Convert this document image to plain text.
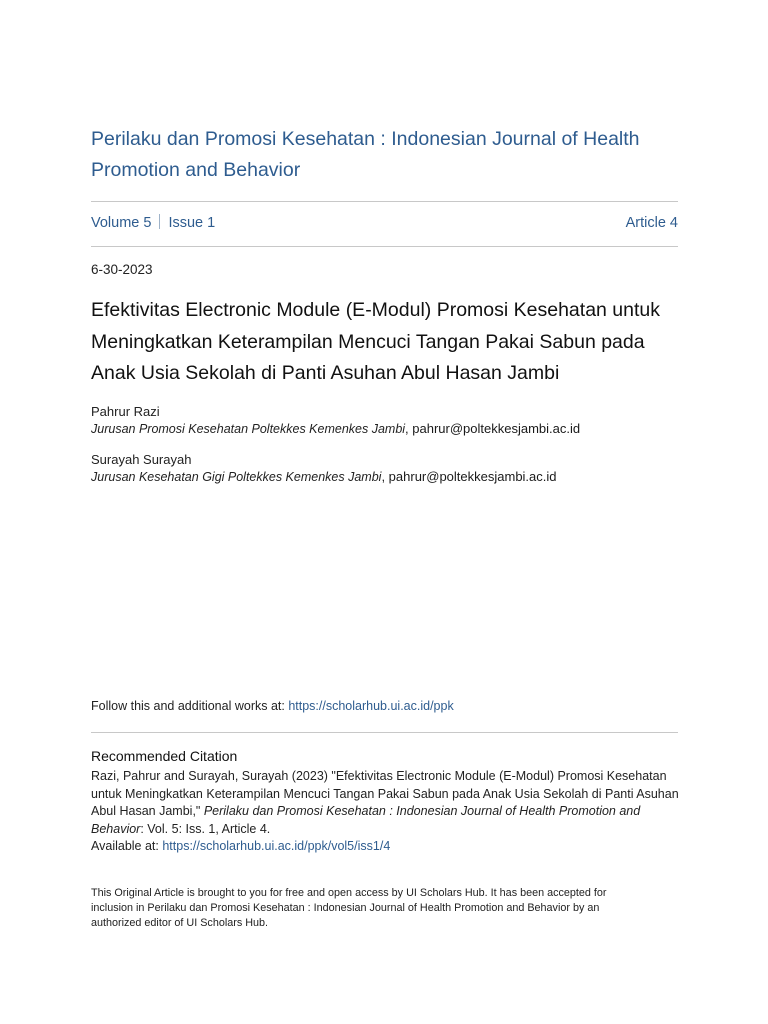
Perilaku dan Promosi Kesehatan : Indonesian Journal of Health Promotion and Behavior
Volume 5 Issue 1	Article 4
6-30-2023
Efektivitas Electronic Module (E-Modul) Promosi Kesehatan untuk Meningkatkan Keterampilan Mencuci Tangan Pakai Sabun pada Anak Usia Sekolah di Panti Asuhan Abul Hasan Jambi
Pahrur Razi
Jurusan Promosi Kesehatan Poltekkes Kemenkes Jambi, pahrur@poltekkesjambi.ac.id
Surayah Surayah
Jurusan Kesehatan Gigi Poltekkes Kemenkes Jambi, pahrur@poltekkesjambi.ac.id
Follow this and additional works at: https://scholarhub.ui.ac.id/ppk
Recommended Citation
Razi, Pahrur and Surayah, Surayah (2023) "Efektivitas Electronic Module (E-Modul) Promosi Kesehatan untuk Meningkatkan Keterampilan Mencuci Tangan Pakai Sabun pada Anak Usia Sekolah di Panti Asuhan Abul Hasan Jambi," Perilaku dan Promosi Kesehatan : Indonesian Journal of Health Promotion and Behavior: Vol. 5: Iss. 1, Article 4.
Available at: https://scholarhub.ui.ac.id/ppk/vol5/iss1/4
This Original Article is brought to you for free and open access by UI Scholars Hub. It has been accepted for inclusion in Perilaku dan Promosi Kesehatan : Indonesian Journal of Health Promotion and Behavior by an authorized editor of UI Scholars Hub.
